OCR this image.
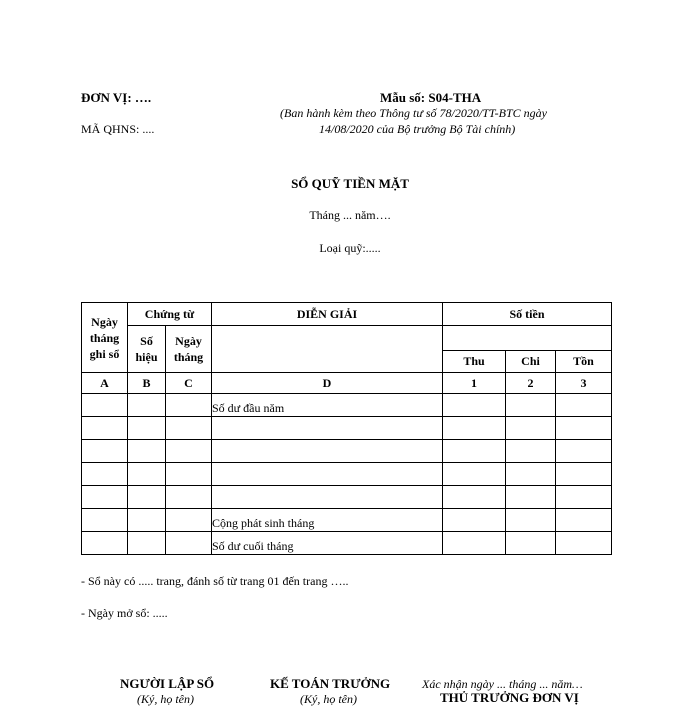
ĐƠN VỊ: ….
MÃ QHNS: ....
Mẫu số: S04-THA
(Ban hành kèm theo Thông tư số 78/2020/TT-BTC ngày
14/08/2020 của Bộ trưởng Bộ Tài chính)
SỔ QUỸ TIỀN MẶT
Tháng ... năm….
Loại quỹ:.....
Ngày tháng ghi sổ	Chứng từ		DIỄN GIẢI	Số tiền		
	Số hiệu	Ngày tháng				
				Thu	Chi	Tồn
A	B	C	D	1	2	3
			Số dư đầu năm			

			Cộng phát sinh tháng			
			Số dư cuối tháng			
- Sổ này có ..... trang, đánh số từ trang 01 đến trang …..
- Ngày mở sổ: .....
NGƯỜI LẬP SỔ
(Ký, họ tên)
KẾ TOÁN TRƯỞNG
(Ký, họ tên)
Xác nhận ngày ... tháng ... năm…
THỦ TRƯỞNG ĐƠN VỊ
